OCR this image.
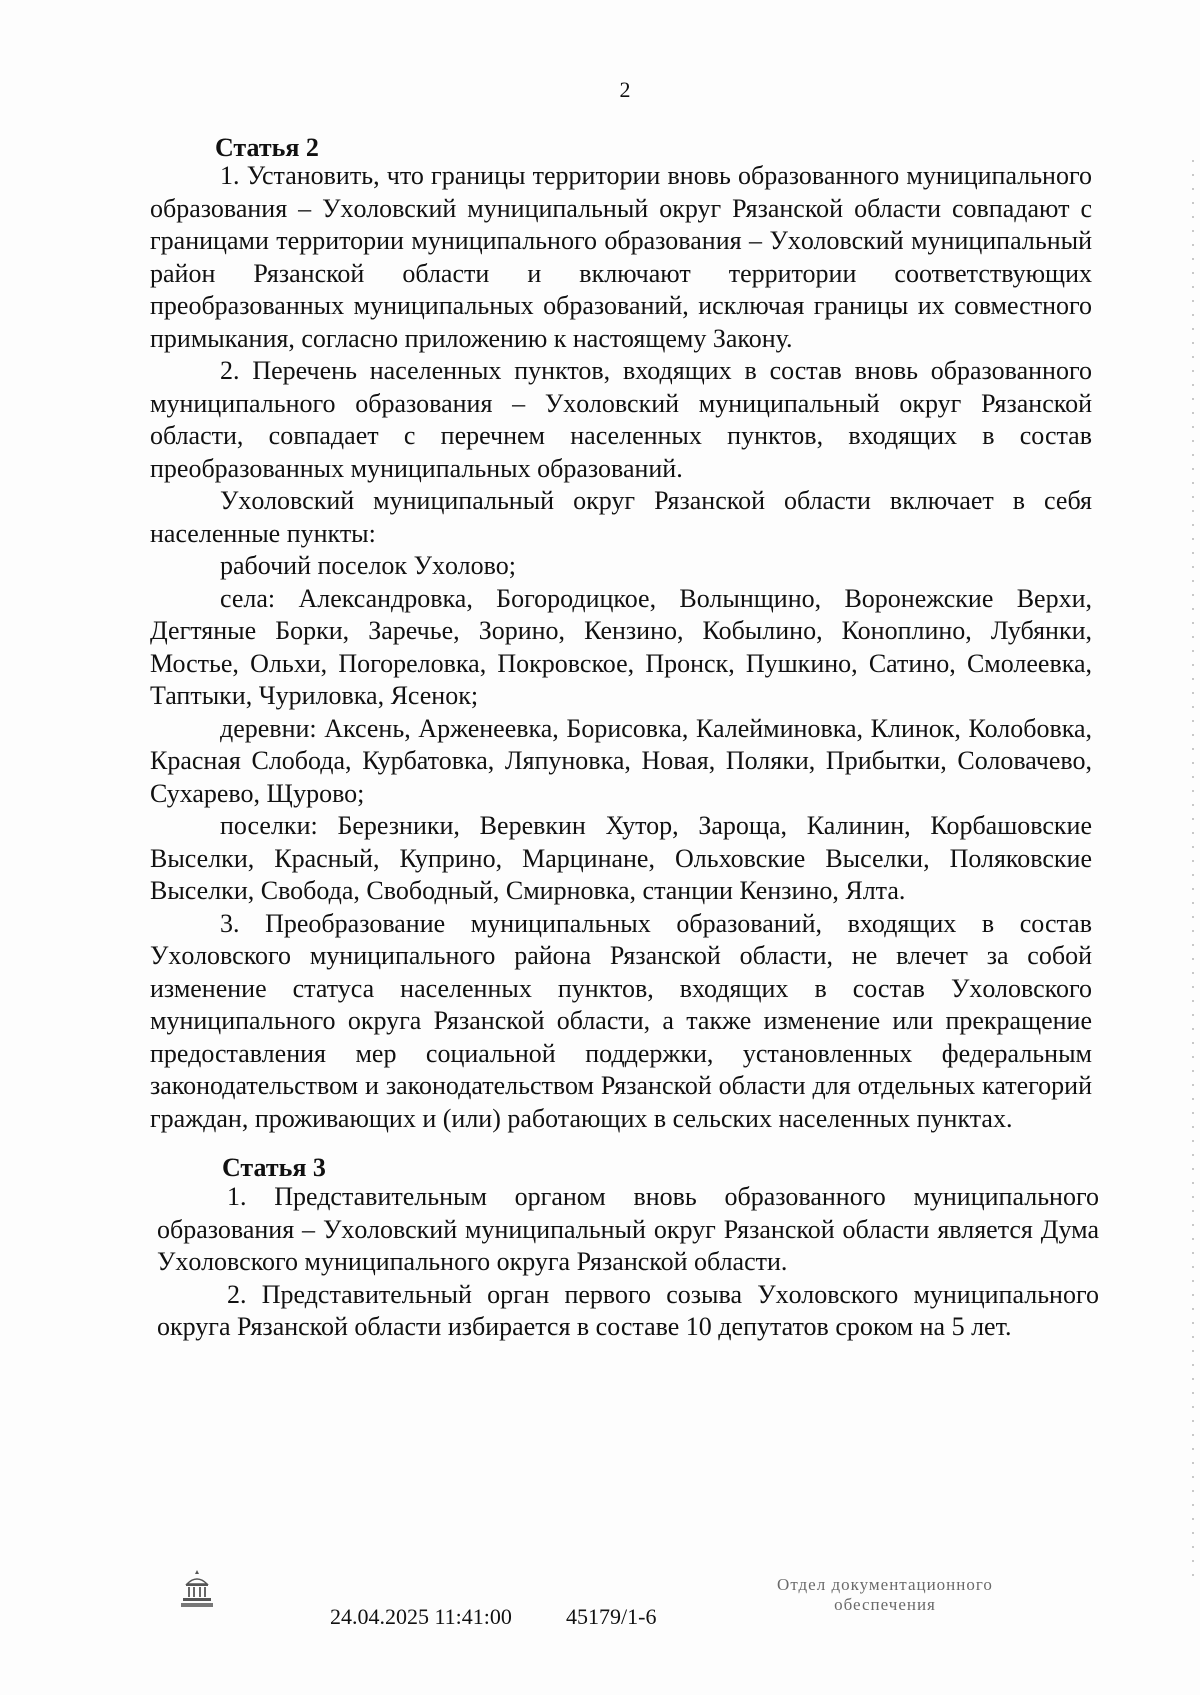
2
Статья 2

1. Установить, что границы территории вновь образованного муниципального образования – Уxоловский муниципальный округ Рязанской области совпадают с границами территории муниципального образования – Уxоловский муниципальный район Рязанской области и включают территории соответствующих преобразованных муниципальных образований, исключая границы их совместного примыкания, согласно приложению к настоящему Закону.

2. Перечень населенных пунктов, входящих в состав вновь образованного муниципального образования – Уxоловский муниципальный округ Рязанской области, совпадает с перечнем населенных пунктов, входящих в состав преобразованных муниципальных образований.

Уxоловский муниципальный округ Рязанской области включает в себя населенные пункты:

рабочий поселок Уxолово;

села: Александровка, Богородицкое, Волынщино, Воронежские Верхи, Дегтяные Борки, Заречье, Зорино, Кензино, Кобылино, Коноплино, Лубянки, Мостье, Ольхи, Погореловка, Покровское, Пронск, Пушкино, Сатино, Смолеевка, Таптыки, Чуриловка, Ясенок;

деревни: Аксень, Арженеевка, Борисовка, Калейминовка, Клинок, Колобовка, Красная Слобода, Курбатовка, Ляпуновка, Новая, Поляки, Прибытки, Соловачево, Сухарево, Щурово;

поселки: Березники, Веревкин Хутор, Зароща, Калинин, Корбашовские Выселки, Красный, Куприно, Марцинане, Ольховские Выселки, Поляковские Выселки, Свобода, Свободный, Смирновка, станции Кензино, Ялта.

3. Преобразование муниципальных образований, входящих в состав Уxоловского муниципального района Рязанской области, не влечет за собой изменение статуса населенных пунктов, входящих в состав Уxоловского муниципального округа Рязанской области, а также изменение или прекращение предоставления мер социальной поддержки, установленных федеральным законодательством и законодательством Рязанской области для отдельных категорий граждан, проживающих и (или) работающих в сельских населенных пунктах.

Статья 3

1. Представительным органом вновь образованного муниципального образования – Уxоловский муниципальный округ Рязанской области является Дума Уxоловского муниципального округа Рязанской области.

2. Представительный орган первого созыва Уxоловского муниципального округа Рязанской области избирается в составе 10 депутатов сроком на 5 лет.

24.04.2025 11:41:00 45179/1-6
Отдел документационного
обеспечения
